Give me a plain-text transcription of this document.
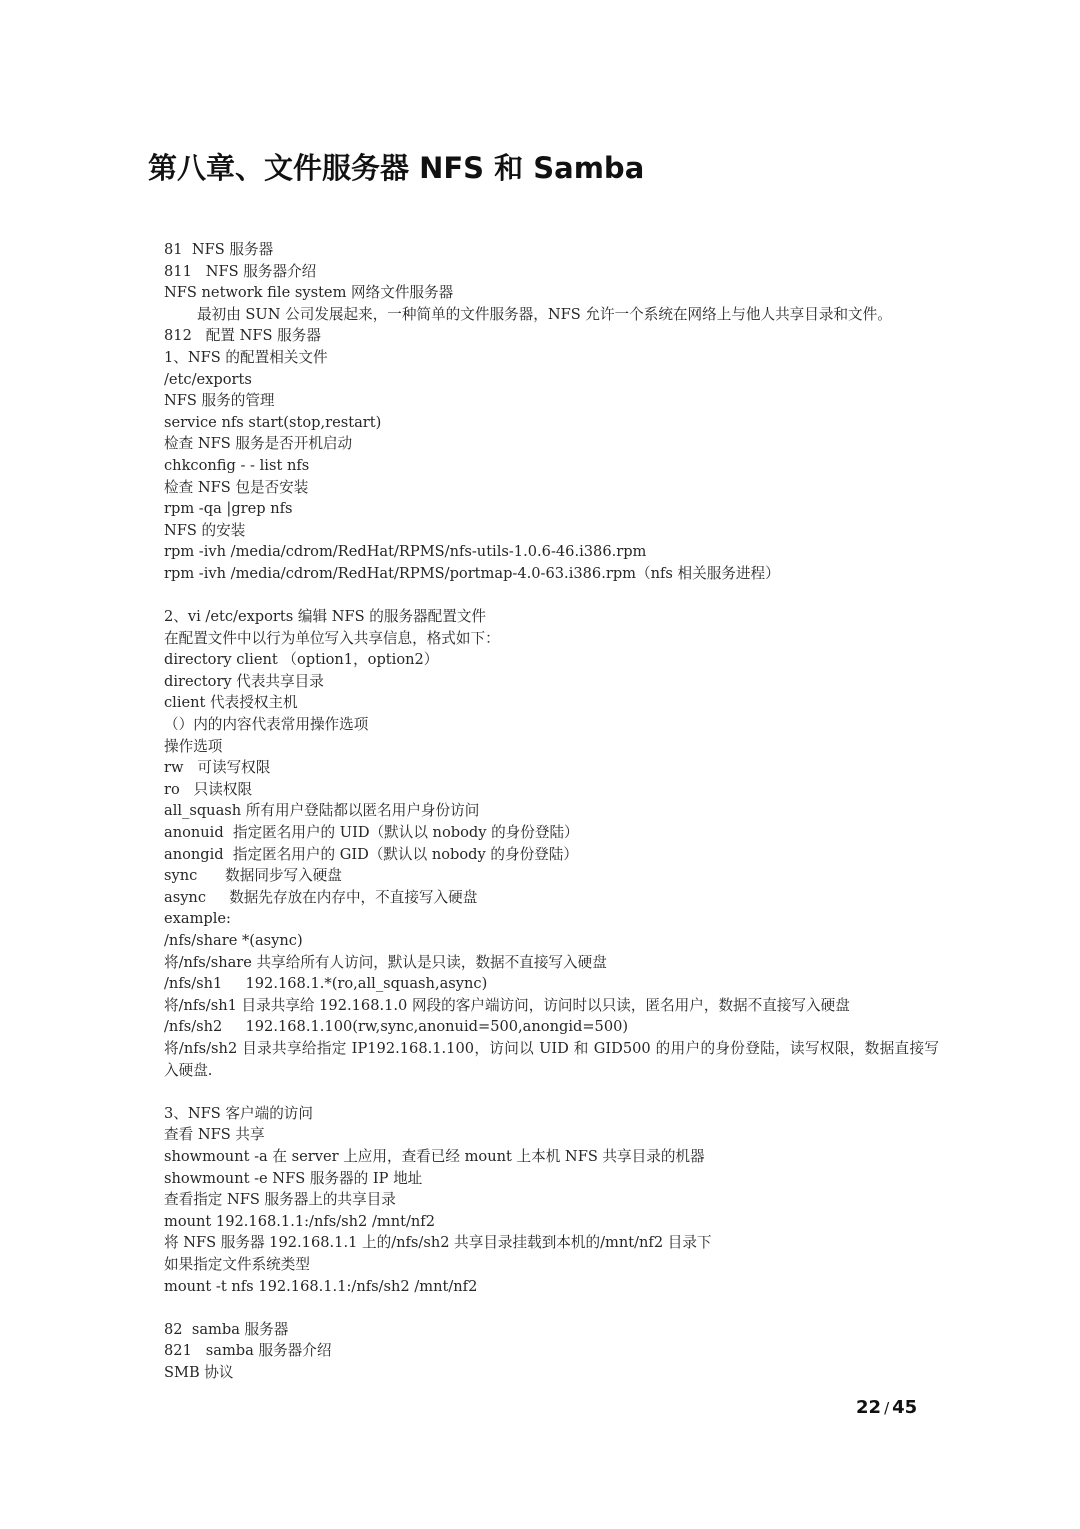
第八章、文件服务器 NFS 和 Samba
81  NFS 服务器
811   NFS 服务器介绍
NFS network file system 网络文件服务器
最初由 SUN 公司发展起来，一种简单的文件服务器，NFS 允许一个系统在网络上与他人共享目录和文件。
812   配置 NFS 服务器
1、NFS 的配置相关文件
/etc/exports
NFS 服务的管理
service nfs start(stop,restart)
检查 NFS 服务是否开机启动
chkconfig - - list nfs
检查 NFS 包是否安装
rpm -qa |grep nfs
NFS 的安装
rpm -ivh /media/cdrom/RedHat/RPMS/nfs-utils-1.0.6-46.i386.rpm
rpm -ivh /media/cdrom/RedHat/RPMS/portmap-4.0-63.i386.rpm（nfs 相关服务进程）
2、vi /etc/exports 编辑 NFS 的服务器配置文件
在配置文件中以行为单位写入共享信息，格式如下：
directory client （option1，option2）
directory 代表共享目录
client 代表授权主机
（）内的内容代表常用操作选项
操作选项
rw   可读写权限
ro   只读权限
all_squash 所有用户登陆都以匿名用户身份访问
anonuid  指定匿名用户的 UID（默认以 nobody 的身份登陆）
anongid  指定匿名用户的 GID（默认以 nobody 的身份登陆）
sync      数据同步写入硬盘
async     数据先存放在内存中，不直接写入硬盘
example:
/nfs/share *(async)
将/nfs/share 共享给所有人访问，默认是只读，数据不直接写入硬盘
/nfs/sh1     192.168.1.*(ro,all_squash,async)
将/nfs/sh1 目录共享给 192.168.1.0 网段的客户端访问，访问时以只读，匿名用户，数据不直接写入硬盘
/nfs/sh2     192.168.1.100(rw,sync,anonuid=500,anongid=500)
将/nfs/sh2 目录共享给指定 IP192.168.1.100，访问以 UID 和 GID500 的用户的身份登陆，读写权限，数据直接写入硬盘.
3、NFS 客户端的访问
查看 NFS 共享
showmount -a 在 server 上应用，查看已经 mount 上本机 NFS 共享目录的机器
showmount -e NFS 服务器的 IP 地址
查看指定 NFS 服务器上的共享目录
mount 192.168.1.1:/nfs/sh2 /mnt/nf2
将 NFS 服务器 192.168.1.1 上的/nfs/sh2 共享目录挂载到本机的/mnt/nf2 目录下
如果指定文件系统类型
mount -t nfs 192.168.1.1:/nfs/sh2 /mnt/nf2
82  samba 服务器
821   samba 服务器介绍
SMB 协议
22 / 45
